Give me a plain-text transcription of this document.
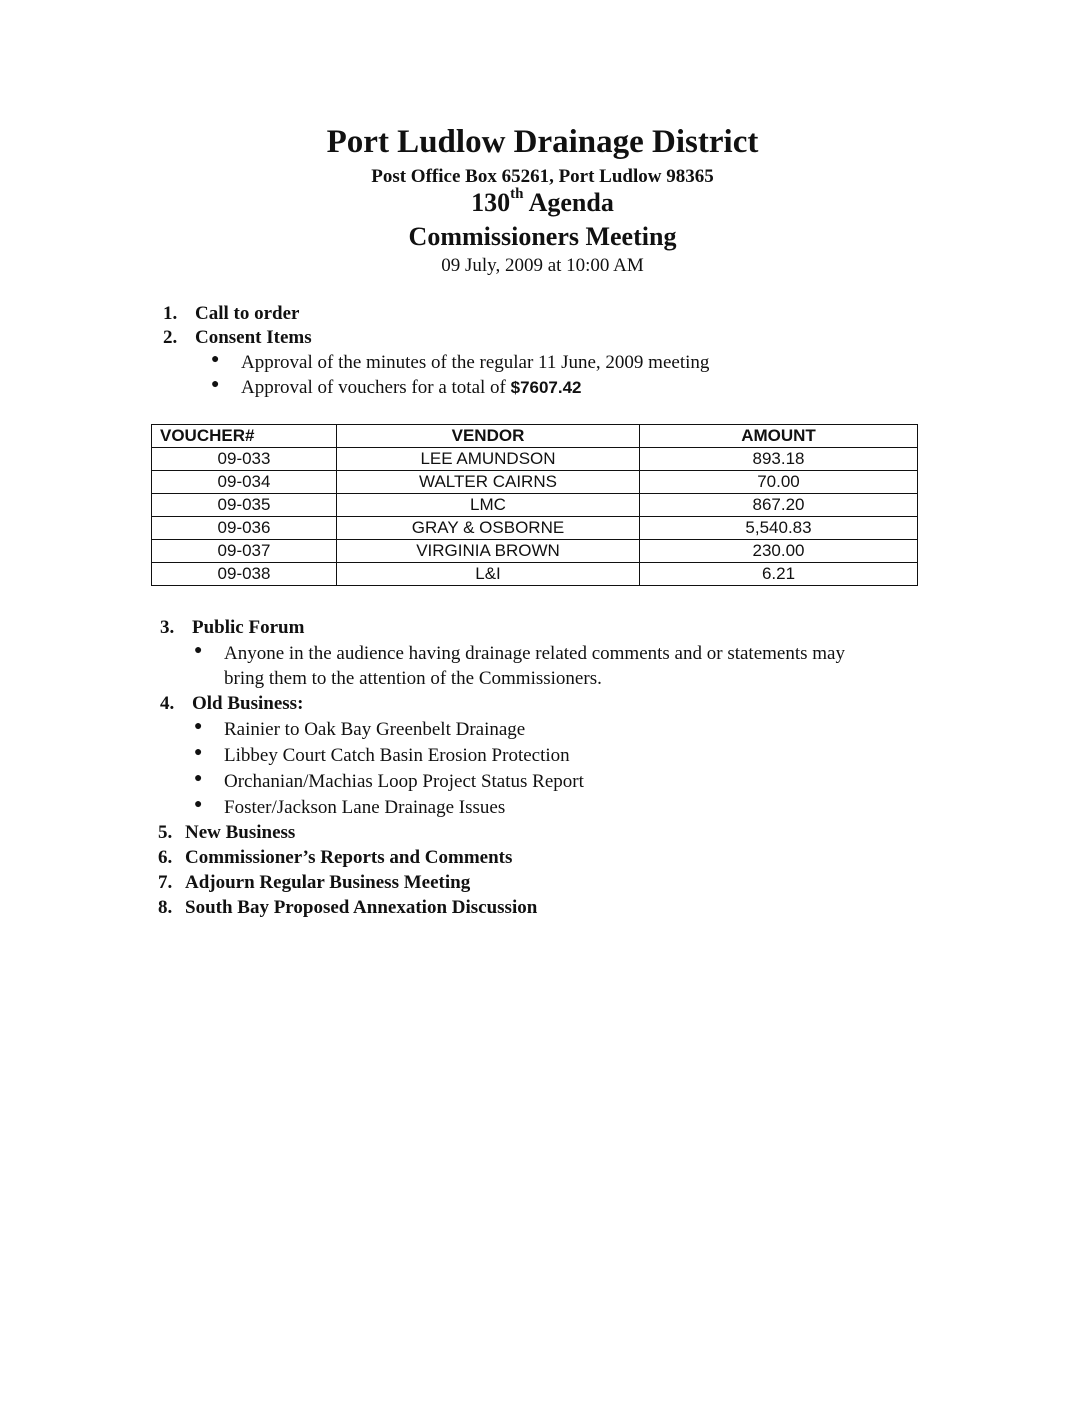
Port Ludlow Drainage District
Post Office Box 65261, Port Ludlow 98365
130th Agenda
Commissioners Meeting
09 July, 2009 at 10:00 AM
1. Call to order
2. Consent Items
● Approval of the minutes of the regular 11 June, 2009 meeting
● Approval of vouchers for a total of $7607.42
VOUCHER#	VENDOR	AMOUNT
09-033	LEE AMUNDSON	893.18
09-034	WALTER CAIRNS	70.00
09-035	LMC	867.20
09-036	GRAY & OSBORNE	5,540.83
09-037	VIRGINIA BROWN	230.00
09-038	L&I	6.21
3. Public Forum
● Anyone in the audience having drainage related comments and or statements may
bring them to the attention of the Commissioners.
4. Old Business:
● Rainier to Oak Bay Greenbelt Drainage
● Libbey Court Catch Basin Erosion Protection
● Orchanian/Machias Loop Project Status Report
● Foster/Jackson Lane Drainage Issues
5. New Business
6. Commissioner’s Reports and Comments
7. Adjourn Regular Business Meeting
8. South Bay Proposed Annexation Discussion
